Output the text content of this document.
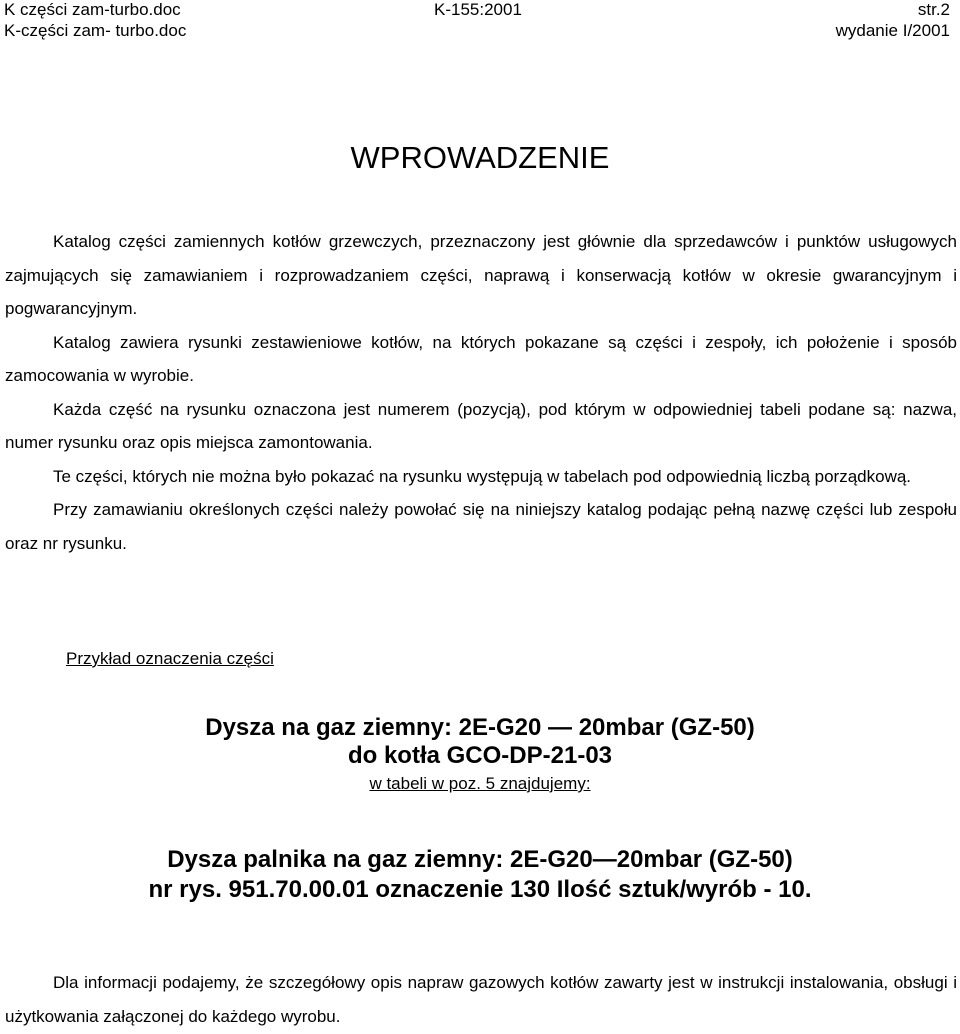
K części zam-turbo.doc	K-155:2001	str.2
K-części zam- turbo.doc	wydanie I/2001
WPROWADZENIE

Katalog części zamiennych kotłów grzewczych, przeznaczony jest głównie dla sprzedawców i punktów usługowych zajmujących się zamawianiem i rozprowadzaniem części, naprawą i konserwacją kotłów w okresie gwarancyjnym i pogwarancyjnym.

Katalog zawiera rysunki zestawieniowe kotłów, na których pokazane są części i zespoły, ich położenie i sposób zamocowania w wyrobie.

Każda część na rysunku oznaczona jest numerem (pozycją), pod którym w odpowiedniej tabeli podane są: nazwa, numer rysunku oraz opis miejsca zamontowania.

Te części, których nie można było pokazać na rysunku występują w tabelach pod odpowiednią liczbą porządkową.

Przy zamawianiu określonych części należy powołać się na niniejszy katalog podając pełną nazwę części lub zespołu oraz nr rysunku.

Przykład oznaczenia części
Dysza na gaz ziemny: 2E-G20 — 20mbar (GZ-50)
do kotła GCO-DP-21-03
w tabeli w poz. 5 znajdujemy:
Dysza palnika na gaz ziemny: 2E-G20—20mbar (GZ-50)
nr rys. 951.70.00.01 oznaczenie 130 Ilość sztuk/wyrób - 10.

Dla informacji podajemy, że szczegółowy opis napraw gazowych kotłów zawarty jest w instrukcji instalowania, obsługi i użytkowania załączonej do każdego wyrobu.
